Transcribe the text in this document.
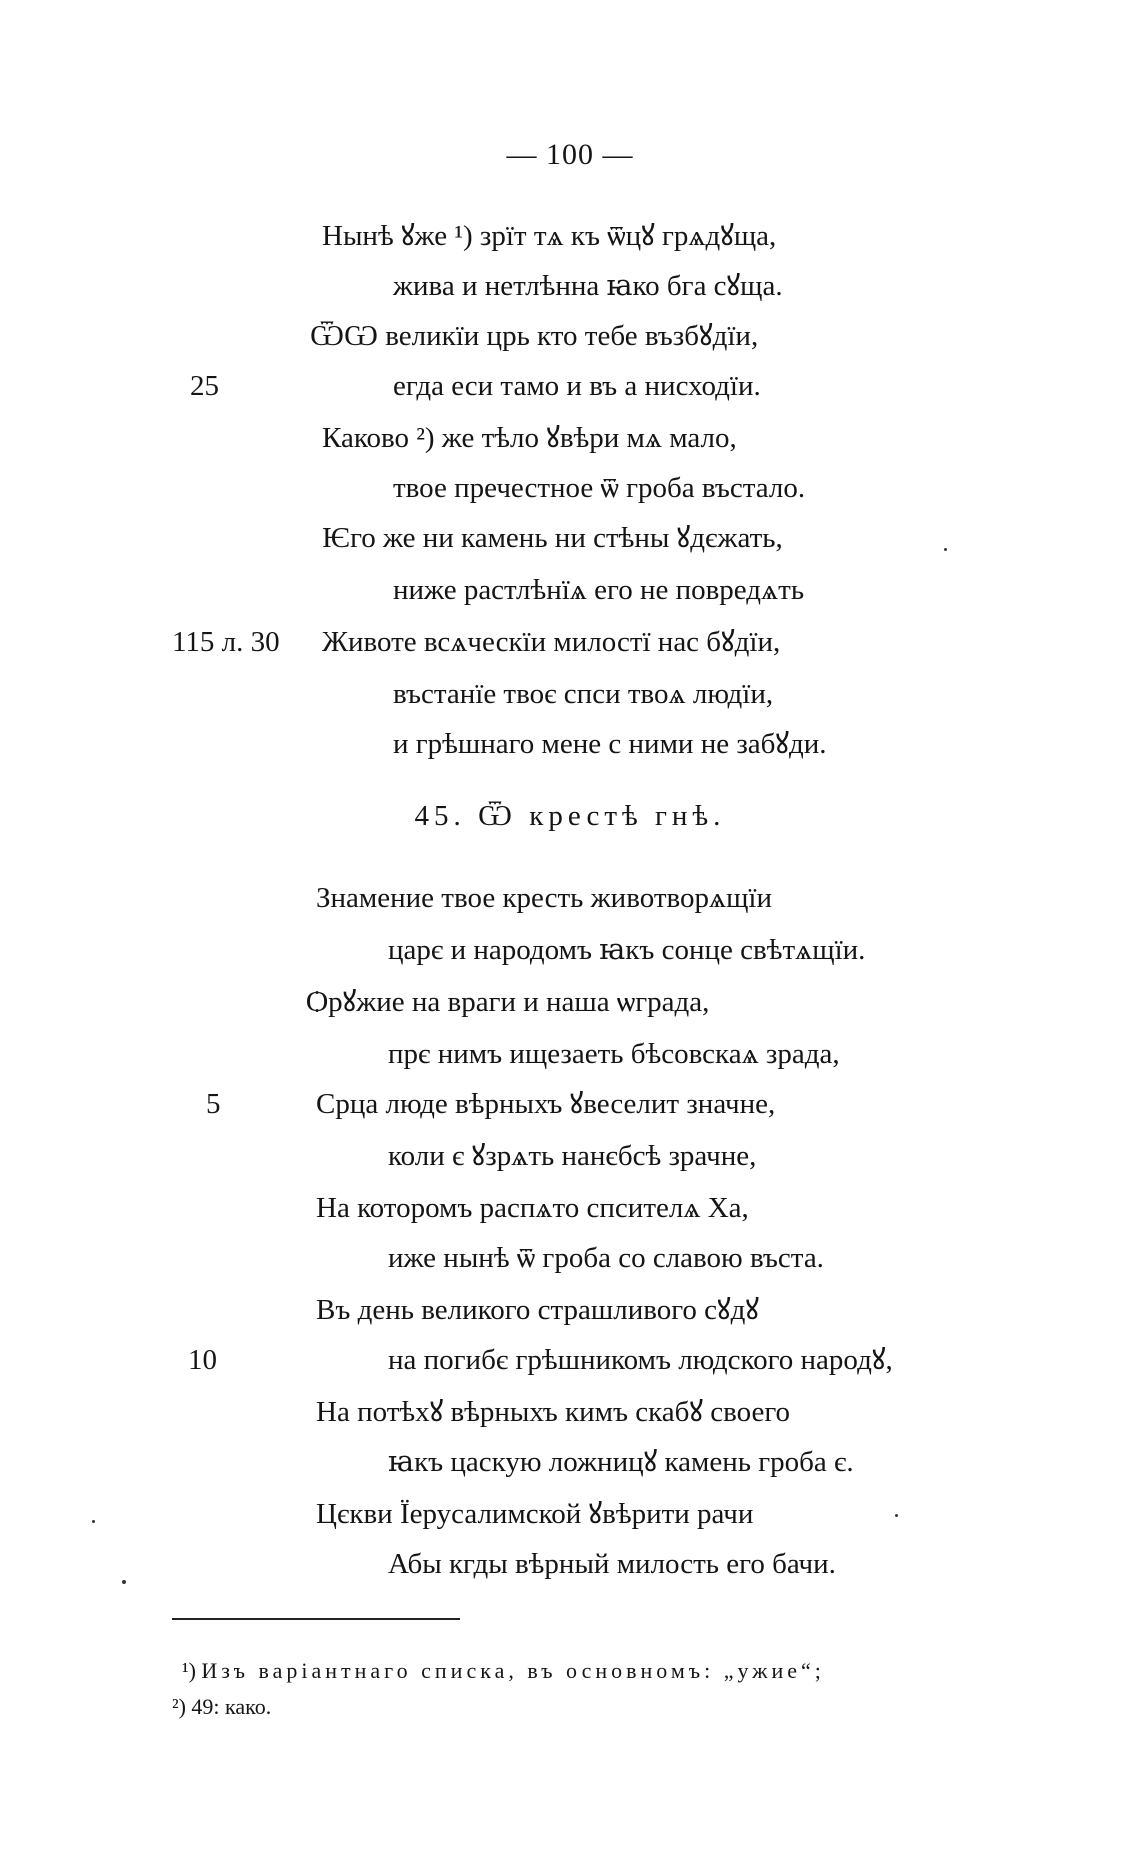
— 100 —
Нынѣ ꙋже ¹) зрїт тѧ къ ѿцꙋ грѧдꙋща,
жива и нетлѣнна ꙗко бга сꙋща.
ѾѠ великїи црь кто тебе възбꙋдїи,
25	егда еси тамо и въ а нисходїи.
Каково ²) же тѣло ꙋвѣри мѧ мало,
твое пречестное ѿ гроба въстало.
Ѥго же ни камень ни стѣны ꙋдєжать,
ниже растлѣнїѧ его не повредѧть
115 л. 30 Животе всѧческїи милостї нас бꙋдїи,
въстанїе твоє спси твоѧ людїи,
и грѣшнаго мене с ними не забꙋди.
45. Ѿ крестѣ гнѣ.
Знамение твое кресть животворѧщїи
царє и народомъ ꙗкъ сонце свѣтѧщїи.
Ѻрꙋжие на враги и наша ѡграда,
прє нимъ ищезаеть бѣсовскаѧ зрада,
5	Срца люде вѣрныхъ ꙋвеселит значне,
коли є ꙋзрѧть нанєбсѣ зрачне,
На которомъ распѧто спсителѧ Ха,
иже нынѣ ѿ гроба со славою въста.
Въ день великого страшливого сꙋдꙋ
10	на погибє грѣшникомъ людского народꙋ,
На потѣхꙋ вѣрныхъ кимъ скабꙋ своего
ꙗкъ цаскую ложницꙋ камень гроба є.
Цєкви Їерусалимской ꙋвѣрити рачи
Абы кгды вѣрный милость его бачи.
¹) Изъ варiантнаго списка, въ основномъ: „ужие“;
²) 49: како.
